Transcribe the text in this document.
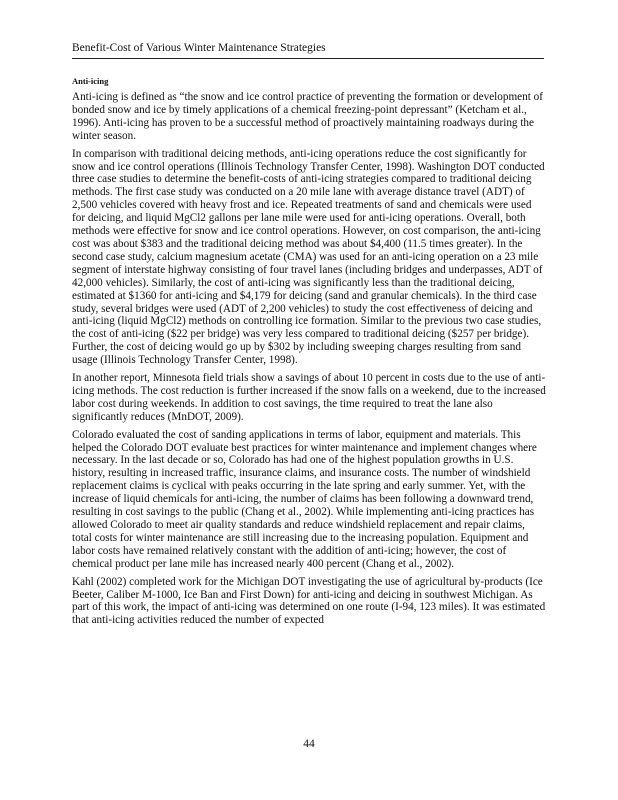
Benefit-Cost of Various Winter Maintenance Strategies
Anti-icing

Anti-icing is defined as “the snow and ice control practice of preventing the formation or development of bonded snow and ice by timely applications of a chemical freezing-point depressant” (Ketcham et al., 1996). Anti-icing has proven to be a successful method of proactively maintaining roadways during the winter season.

In comparison with traditional deicing methods, anti-icing operations reduce the cost significantly for snow and ice control operations (Illinois Technology Transfer Center, 1998). Washington DOT conducted three case studies to determine the benefit-costs of anti-icing strategies compared to traditional deicing methods. The first case study was conducted on a 20 mile lane with average distance travel (ADT) of 2,500 vehicles covered with heavy frost and ice. Repeated treatments of sand and chemicals were used for deicing, and liquid MgCl2 gallons per lane mile were used for anti-icing operations. Overall, both methods were effective for snow and ice control operations. However, on cost comparison, the anti-icing cost was about $383 and the traditional deicing method was about $4,400 (11.5 times greater). In the second case study, calcium magnesium acetate (CMA) was used for an anti-icing operation on a 23 mile segment of interstate highway consisting of four travel lanes (including bridges and underpasses, ADT of 42,000 vehicles). Similarly, the cost of anti-icing was significantly less than the traditional deicing, estimated at $1360 for anti-icing and $4,179 for deicing (sand and granular chemicals). In the third case study, several bridges were used (ADT of 2,200 vehicles) to study the cost effectiveness of deicing and anti-icing (liquid MgCl2) methods on controlling ice formation. Similar to the previous two case studies, the cost of anti-icing ($22 per bridge) was very less compared to traditional deicing ($257 per bridge). Further, the cost of deicing would go up by $302 by including sweeping charges resulting from sand usage (Illinois Technology Transfer Center, 1998).

In another report, Minnesota field trials show a savings of about 10 percent in costs due to the use of anti-icing methods. The cost reduction is further increased if the snow falls on a weekend, due to the increased labor cost during weekends. In addition to cost savings, the time required to treat the lane also significantly reduces (MnDOT, 2009).

Colorado evaluated the cost of sanding applications in terms of labor, equipment and materials. This helped the Colorado DOT evaluate best practices for winter maintenance and implement changes where necessary. In the last decade or so, Colorado has had one of the highest population growths in U.S. history, resulting in increased traffic, insurance claims, and insurance costs. The number of windshield replacement claims is cyclical with peaks occurring in the late spring and early summer. Yet, with the increase of liquid chemicals for anti-icing, the number of claims has been following a downward trend, resulting in cost savings to the public (Chang et al., 2002). While implementing anti-icing practices has allowed Colorado to meet air quality standards and reduce windshield replacement and repair claims, total costs for winter maintenance are still increasing due to the increasing population. Equipment and labor costs have remained relatively constant with the addition of anti-icing; however, the cost of chemical product per lane mile has increased nearly 400 percent (Chang et al., 2002).

Kahl (2002) completed work for the Michigan DOT investigating the use of agricultural by-products (Ice Beeter, Caliber M-1000, Ice Ban and First Down) for anti-icing and deicing in southwest Michigan. As part of this work, the impact of anti-icing was determined on one route (I-94, 123 miles). It was estimated that anti-icing activities reduced the number of expected

44
